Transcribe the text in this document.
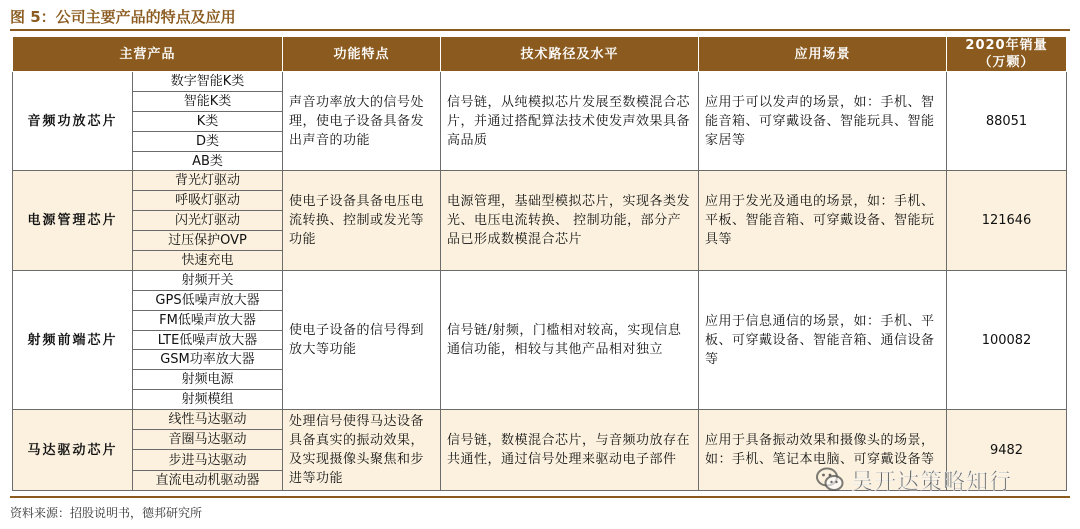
图 5：公司主要产品的特点及应用
主营产品		功能特点	技术路径及水平	应用场景	2020年销量
（万颗）

音频功放芯片	数字智能K类	声音功率放大的信号处理，使电子设备具备发出声音的功能	信号链，从纯模拟芯片发展至数模混合芯片，并通过搭配算法技术使发声效果具备高品质	应用于可以发声的场景，如：手机、智能音箱、可穿戴设备、智能玩具、智能家居等	88051
	智能K类				
	K类				
	D类				
	AB类				
电源管理芯片	背光灯驱动	使电子设备具备电压电流转换、控制或发光等功能	电源管理，基础型模拟芯片，实现各类发光、电压电流转换、 控制功能，部分产品已形成数模混合芯片	应用于发光及通电的场景，如：手机、平板、智能音箱、可穿戴设备、智能玩具等	121646
	呼吸灯驱动				
	闪光灯驱动				
	过压保护OVP				
	快速充电				
射频前端芯片	射频开关	使电子设备的信号得到放大等功能	信号链/射频，门槛相对较高，实现信息通信功能，相较与其他产品相对独立	应用于信息通信的场景，如：手机、平板、可穿戴设备、智能音箱、通信设备等	100082
	GPS低噪声放大器				
	FM低噪声放大器				
	LTE低噪声放大器				
	GSM功率放大器				
	射频电源				
	射频模组				
马达驱动芯片	线性马达驱动	处理信号使得马达设备具备真实的振动效果，及实现摄像头聚焦和步进等功能	信号链，数模混合芯片，与音频功放存在共通性，通过信号处理来驱动电子部件	应用于具备振动效果和摄像头的场景，如：手机、笔记本电脑、可穿戴设备等	9482
	音圈马达驱动				
	步进马达驱动				
	直流电动机驱动器				
资料来源：招股说明书，德邦研究所
吴开达策略知行
